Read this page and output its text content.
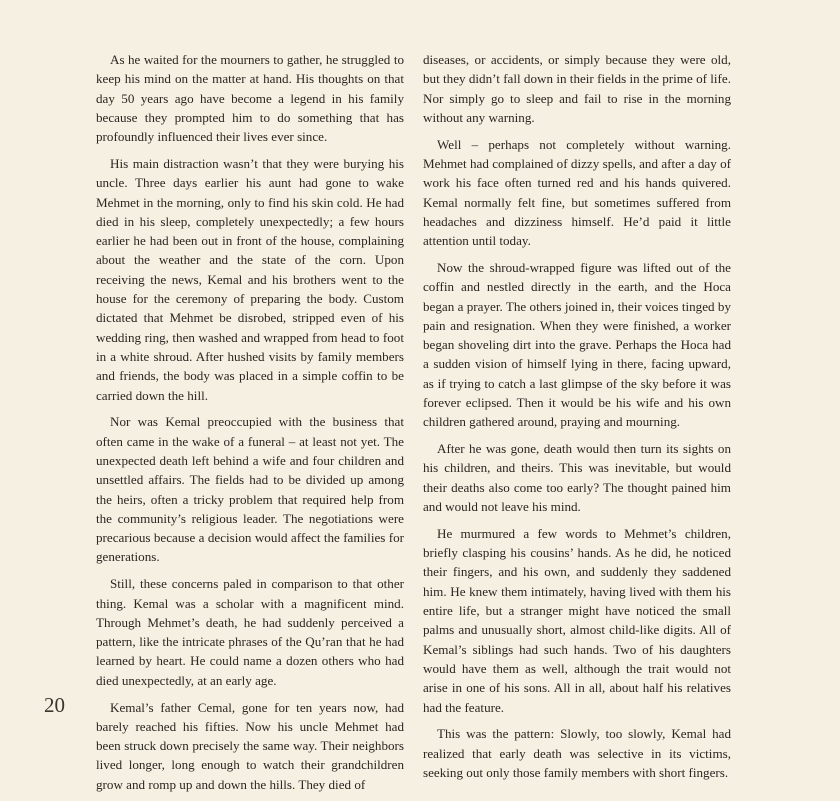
As he waited for the mourners to gather, he struggled to keep his mind on the matter at hand. His thoughts on that day 50 years ago have become a legend in his family because they prompted him to do something that has profoundly influenced their lives ever since.

His main distraction wasn’t that they were burying his uncle. Three days earlier his aunt had gone to wake Mehmet in the morning, only to find his skin cold. He had died in his sleep, completely unexpectedly; a few hours earlier he had been out in front of the house, complaining about the weather and the state of the corn. Upon receiving the news, Kemal and his brothers went to the house for the ceremony of preparing the body. Custom dictated that Mehmet be disrobed, stripped even of his wedding ring, then washed and wrapped from head to foot in a white shroud. After hushed visits by family members and friends, the body was placed in a simple coffin to be carried down the hill.

Nor was Kemal preoccupied with the business that often came in the wake of a funeral – at least not yet. The unexpected death left behind a wife and four children and unsettled affairs. The fields had to be divided up among the heirs, often a tricky problem that required help from the community’s religious leader. The negotiations were precarious because a decision would affect the families for generations.

Still, these concerns paled in comparison to that other thing. Kemal was a scholar with a magnificent mind. Through Mehmet’s death, he had suddenly perceived a pattern, like the intricate phrases of the Qu’ran that he had learned by heart. He could name a dozen others who had died unexpectedly, at an early age.

Kemal’s father Cemal, gone for ten years now, had barely reached his fifties. Now his uncle Mehmet had been struck down precisely the same way. Their neighbors lived longer, long enough to watch their grandchildren grow and romp up and down the hills. They died of

diseases, or accidents, or simply because they were old, but they didn’t fall down in their fields in the prime of life. Nor simply go to sleep and fail to rise in the morning without any warning.

Well – perhaps not completely without warning. Mehmet had complained of dizzy spells, and after a day of work his face often turned red and his hands quivered. Kemal normally felt fine, but sometimes suffered from headaches and dizziness himself. He’d paid it little attention until today.

Now the shroud-wrapped figure was lifted out of the coffin and nestled directly in the earth, and the Hoca began a prayer. The others joined in, their voices tinged by pain and resignation. When they were finished, a worker began shoveling dirt into the grave. Perhaps the Hoca had a sudden vision of himself lying in there, facing upward, as if trying to catch a last glimpse of the sky before it was forever eclipsed. Then it would be his wife and his own children gathered around, praying and mourning.

After he was gone, death would then turn its sights on his children, and theirs. This was inevitable, but would their deaths also come too early? The thought pained him and would not leave his mind.

He murmured a few words to Mehmet’s children, briefly clasping his cousins’ hands. As he did, he noticed their fingers, and his own, and suddenly they saddened him. He knew them intimately, having lived with them his entire life, but a stranger might have noticed the small palms and unusually short, almost child-like digits. All of Kemal’s siblings had such hands. Two of his daughters would have them as well, although the trait would not arise in one of his sons. All in all, about half his relatives had the feature.

This was the pattern: Slowly, too slowly, Kemal had realized that early death was selective in its victims, seeking out only those family members with short fingers.

20
